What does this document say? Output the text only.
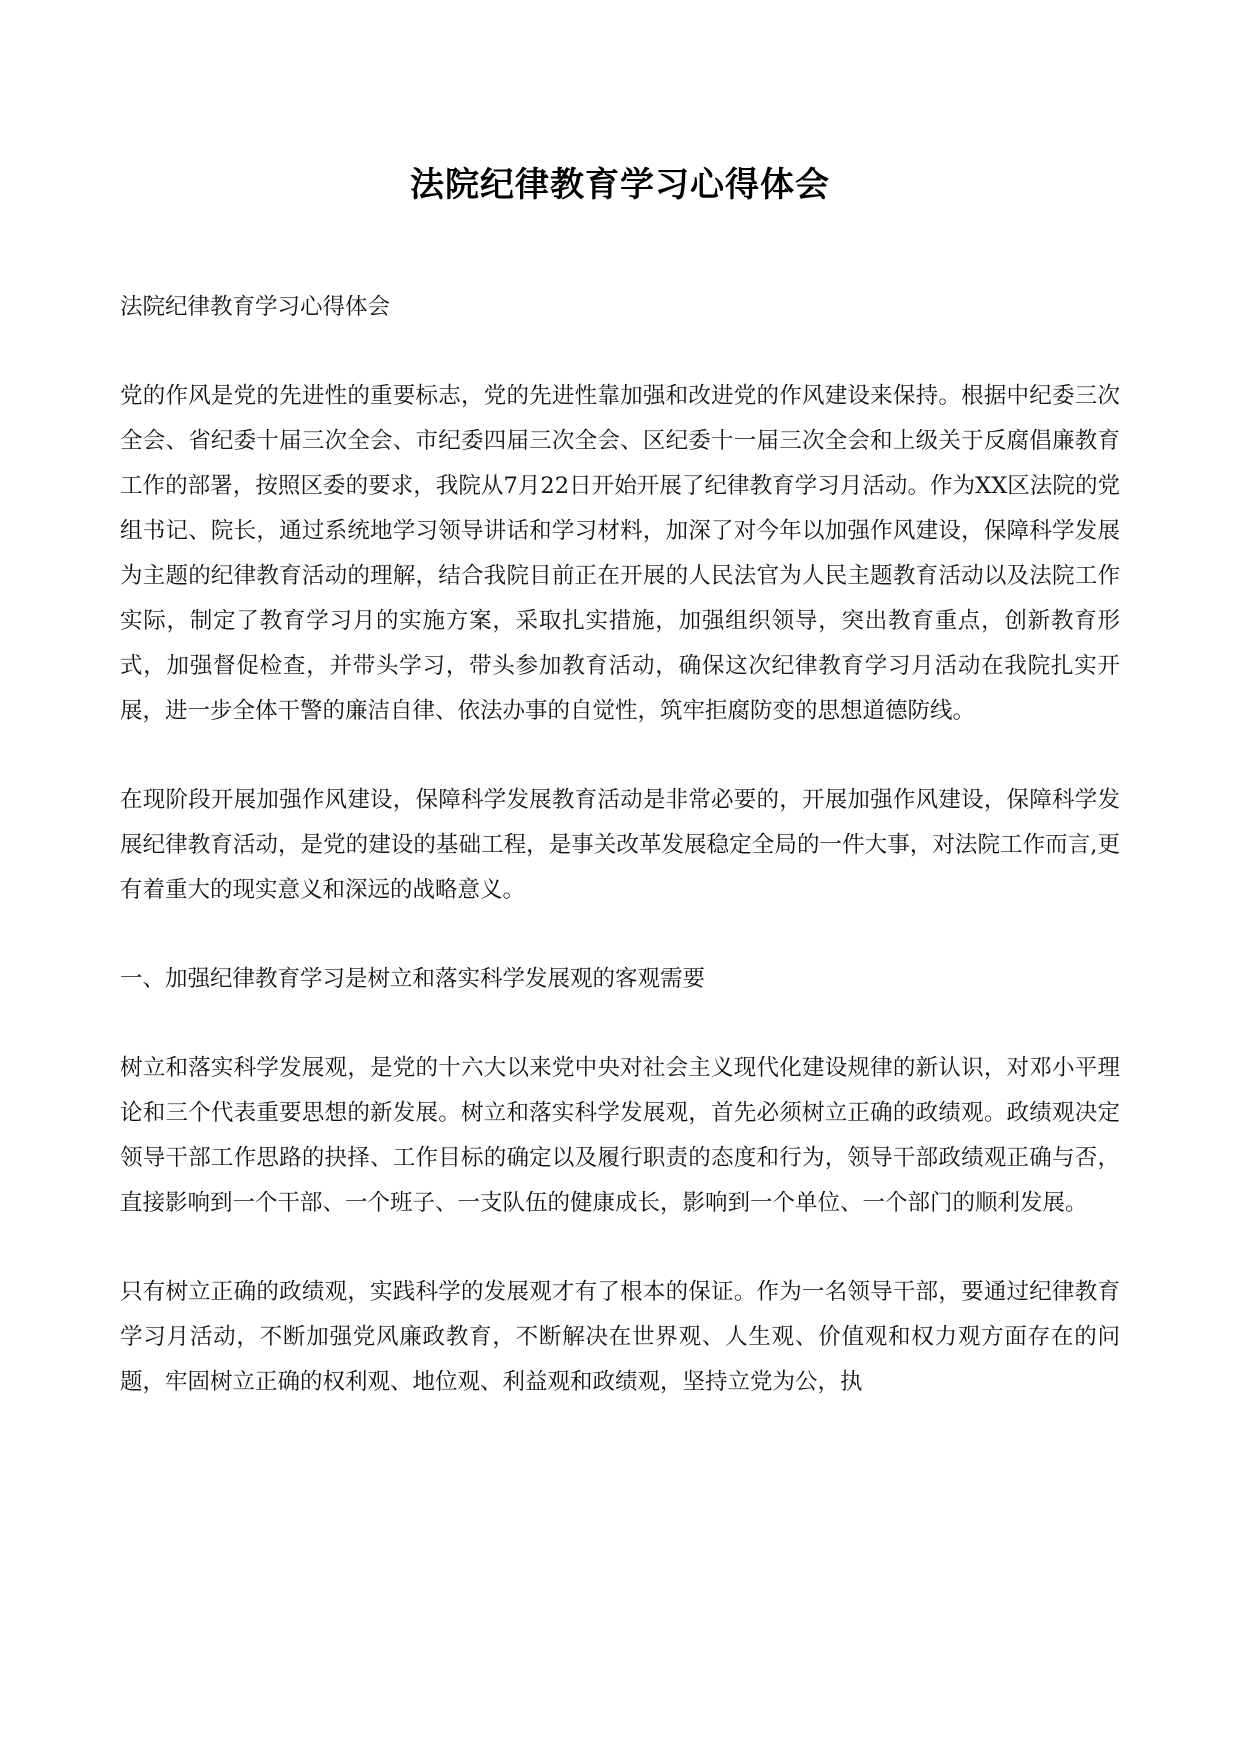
法院纪律教育学习心得体会

法院纪律教育学习心得体会

党的作风是党的先进性的重要标志，党的先进性靠加强和改进党的作风建设来保持。根据中纪委三次全会、省纪委十届三次全会、市纪委四届三次全会、区纪委十一届三次全会和上级关于反腐倡廉教育工作的部署，按照区委的要求，我院从7月22日开始开展了纪律教育学习月活动。作为XX区法院的党组书记、院长，通过系统地学习领导讲话和学习材料，加深了对今年以加强作风建设，保障科学发展为主题的纪律教育活动的理解，结合我院目前正在开展的人民法官为人民主题教育活动以及法院工作实际，制定了教育学习月的实施方案，采取扎实措施，加强组织领导，突出教育重点，创新教育形式，加强督促检查，并带头学习，带头参加教育活动，确保这次纪律教育学习月活动在我院扎实开展，进一步全体干警的廉洁自律、依法办事的自觉性，筑牢拒腐防变的思想道德防线。

在现阶段开展加强作风建设，保障科学发展教育活动是非常必要的，开展加强作风建设，保障科学发展纪律教育活动，是党的建设的基础工程，是事关改革发展稳定全局的一件大事，对法院工作而言,更有着重大的现实意义和深远的战略意义。

一、加强纪律教育学习是树立和落实科学发展观的客观需要

树立和落实科学发展观，是党的十六大以来党中央对社会主义现代化建设规律的新认识，对邓小平理论和三个代表重要思想的新发展。树立和落实科学发展观，首先必须树立正确的政绩观。政绩观决定领导干部工作思路的抉择、工作目标的确定以及履行职责的态度和行为，领导干部政绩观正确与否，直接影响到一个干部、一个班子、一支队伍的健康成长，影响到一个单位、一个部门的顺利发展。

只有树立正确的政绩观，实践科学的发展观才有了根本的保证。作为一名领导干部，要通过纪律教育学习月活动，不断加强党风廉政教育，不断解决在世界观、人生观、价值观和权力观方面存在的问题，牢固树立正确的权利观、地位观、利益观和政绩观，坚持立党为公，执
